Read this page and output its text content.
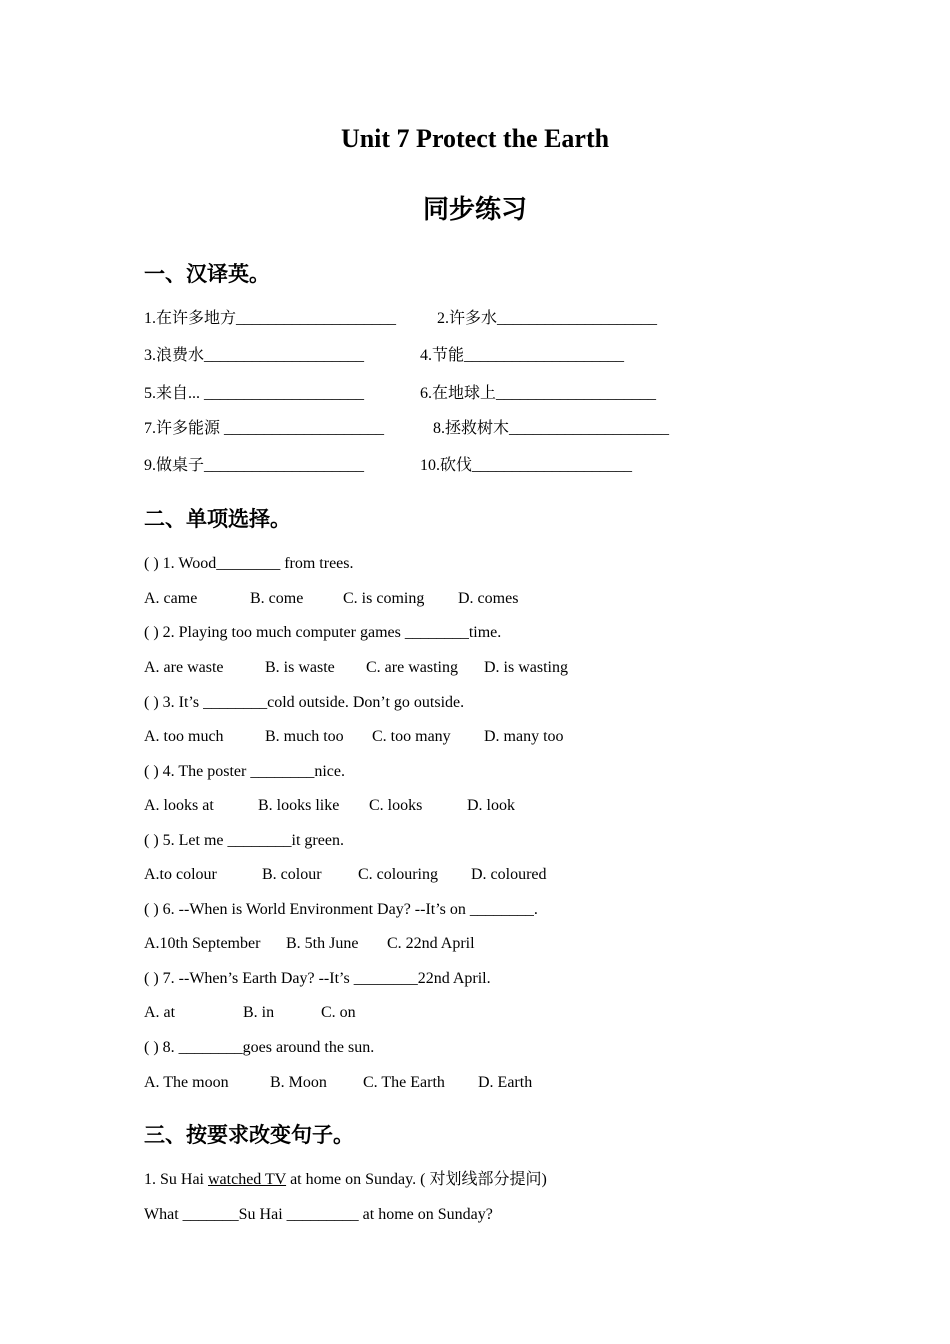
Unit 7 Protect the Earth
同步练习
一、汉译英。
1.在许多地方____________________	2.许多水____________________
3.浪费水____________________	4.节能____________________
5.来自... ____________________	6.在地球上____________________
7.许多能源 ____________________	8.拯救树木____________________
9.做桌子____________________	10.砍伐____________________
二、单项选择。
( ) 1. Wood________ from trees.
A. came	B. come C. is coming D. comes
( ) 2. Playing too much computer games ________time.
A. are waste	B. is waste C. are wasting D. is wasting
( ) 3. It’s ________cold outside. Don’t go outside.
A. too much	B. much too C. too many D. many too
( ) 4. The poster ________nice.
A. looks at	B. looks like C. looks	D. look
( ) 5. Let me ________it green.
A.to colour	B. colour C. colouring D. coloured
( ) 6. --When is World Environment Day? --It’s on ________.
A.10th September B. 5th June C. 22nd April
( ) 7. --When’s Earth Day? --It’s ________22nd April.
A. at	B. in	C. on
( ) 8. ________goes around the sun.
A. The moon	B. Moon C. The Earth D. Earth
三、按要求改变句子。
1. Su Hai watched TV at home on Sunday. ( 对划线部分提问)
What _______Su Hai _________ at home on Sunday?
